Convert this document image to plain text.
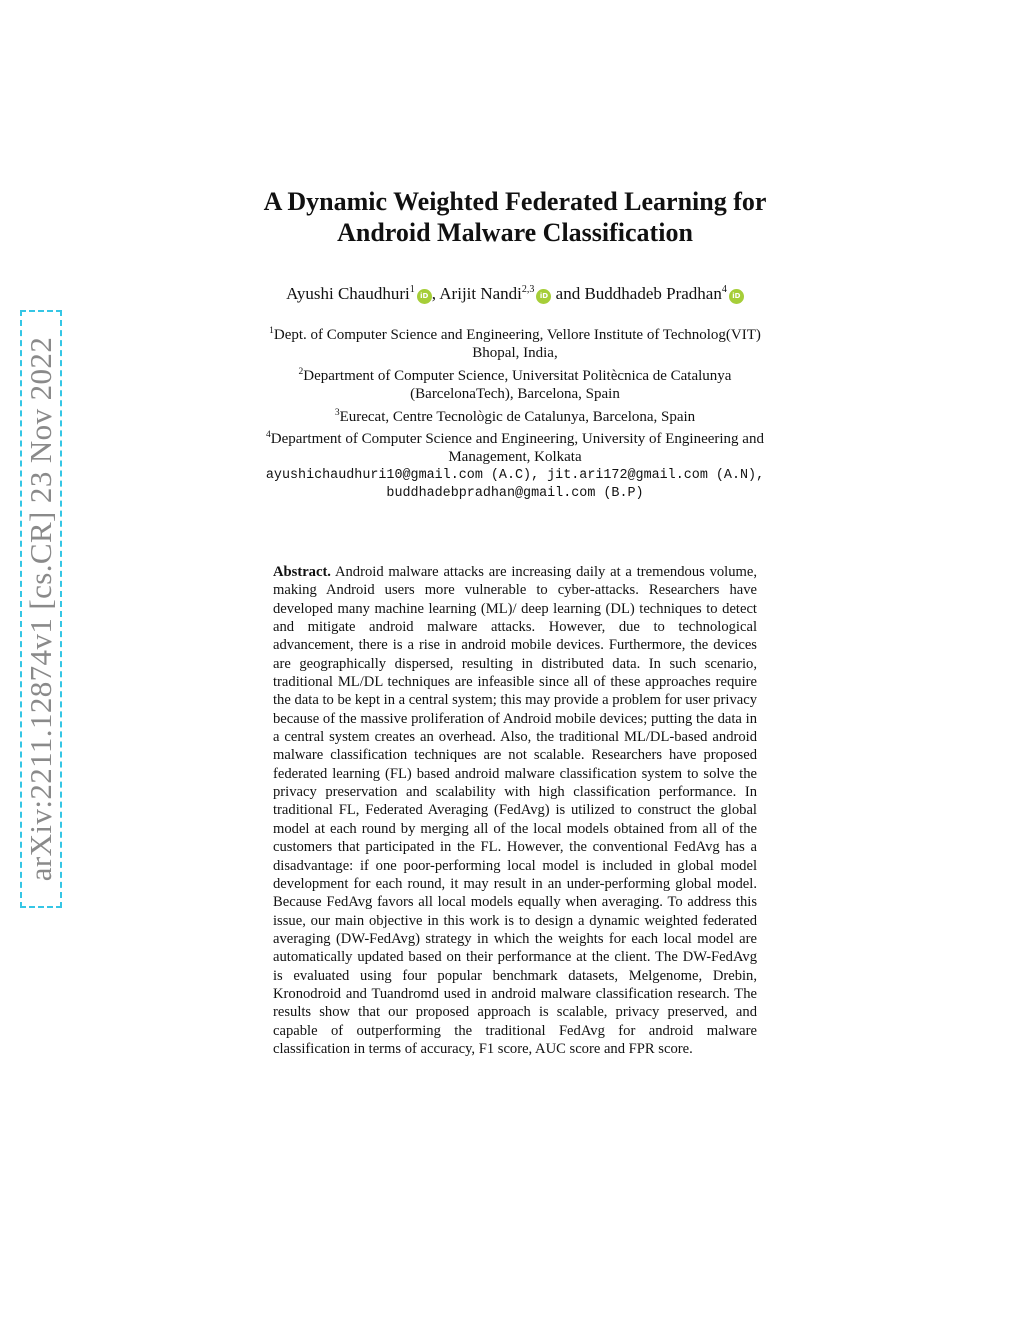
arXiv:2211.12874v1 [cs.CR] 23 Nov 2022
A Dynamic Weighted Federated Learning for
Android Malware Classification
Ayushi Chaudhuri$^1$iD , Arijit Nandi$^{2,3}$iD and Buddhadeb Pradhan$^4$iD
$^1$Dept. of Computer Science and Engineering, Vellore Institute of Technolog(VIT)
Bhopal, India,
$^2$Department of Computer Science, Universitat Politècnica de Catalunya
(BarcelonaTech), Barcelona, Spain
$^3$Eurecat, Centre Tecnològic de Catalunya, Barcelona, Spain
$^4$Department of Computer Science and Engineering, University of Engineering and
Management, Kolkata
ayushichaudhuri10@gmail.com (A.C), jit.ari172@gmail.com (A.N),
buddhadebpradhan@gmail.com (B.P)
Abstract. Android malware attacks are increasing daily at a tremendous volume, making Android users more vulnerable to cyber-attacks. Researchers have developed many machine learning (ML)/ deep learning (DL) techniques to detect and mitigate android malware attacks. However, due to technological advancement, there is a rise in android mobile devices. Furthermore, the devices are geographically dispersed, resulting in distributed data. In such scenario, traditional ML/DL techniques are infeasible since all of these approaches require the data to be kept in a central system; this may provide a problem for user privacy because of the massive proliferation of Android mobile devices; putting the data in a central system creates an overhead. Also, the traditional ML/DL-based android malware classification techniques are not scalable. Researchers have proposed federated learning (FL) based android malware classification system to solve the privacy preservation and scalability with high classification performance. In traditional FL, Federated Averaging (FedAvg) is utilized to construct the global model at each round by merging all of the local models obtained from all of the customers that participated in the FL. However, the conventional FedAvg has a disadvantage: if one poor-performing local model is included in global model development for each round, it may result in an under-performing global model. Because FedAvg favors all local models equally when averaging. To address this issue, our main objective in this work is to design a dynamic weighted federated averaging (DW-FedAvg) strategy in which the weights for each local model are automatically updated based on their performance at the client. The DW-FedAvg is evaluated using four popular benchmark datasets, Melgenome, Drebin, Kronodroid and Tuandromd used in android malware classification research. The results show that our proposed approach is scalable, privacy preserved, and capable of outperforming the traditional FedAvg for android malware classification in terms of accuracy, F1 score, AUC score and FPR score.
